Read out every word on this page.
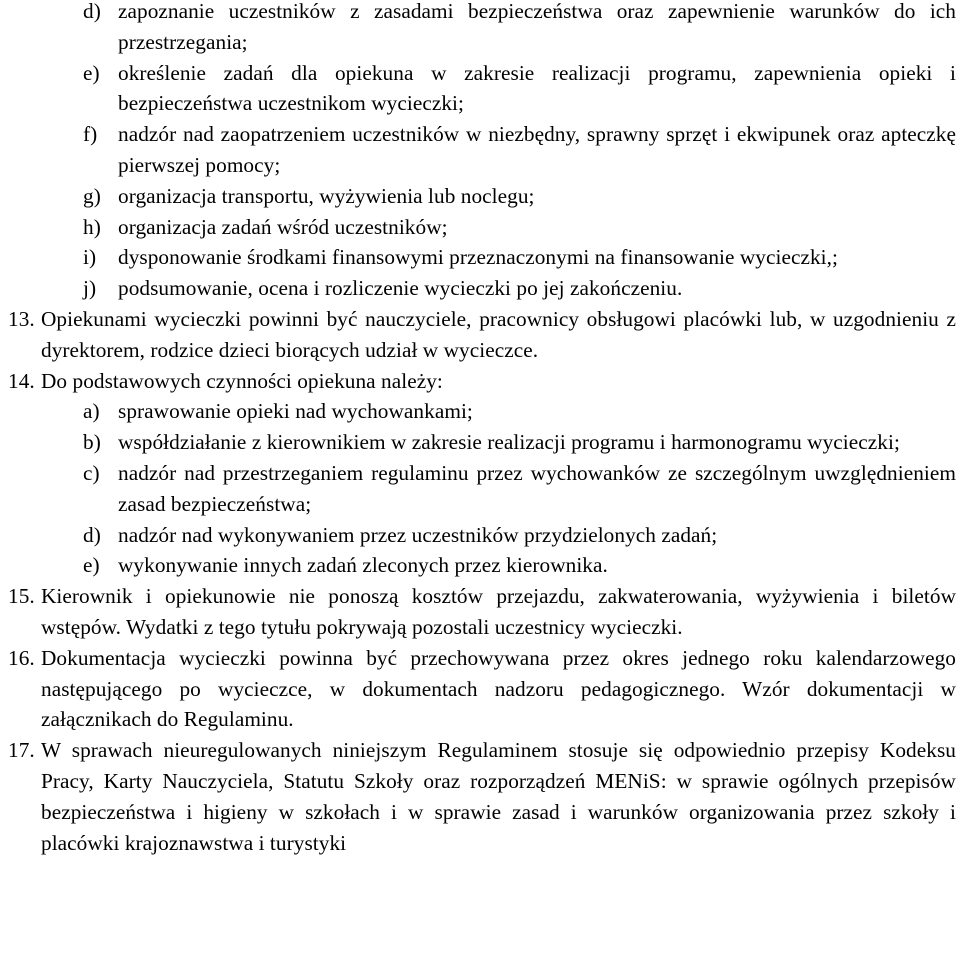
d) zapoznanie uczestników z zasadami bezpieczeństwa oraz zapewnienie warunków do ich przestrzegania;
e) określenie zadań dla opiekuna w zakresie realizacji programu, zapewnienia opieki i bezpieczeństwa uczestnikom wycieczki;
f) nadzór nad zaopatrzeniem uczestników w niezbędny, sprawny sprzęt i ekwipunek oraz apteczkę pierwszej pomocy;
g) organizacja transportu, wyżywienia lub noclegu;
h) organizacja zadań wśród uczestników;
i) dysponowanie środkami finansowymi przeznaczonymi na finansowanie wycieczki,;
j) podsumowanie, ocena i rozliczenie wycieczki po jej zakończeniu.
13. Opiekunami wycieczki powinni być nauczyciele, pracownicy obsługowi placówki lub, w uzgodnieniu z dyrektorem, rodzice dzieci biorących udział w wycieczce.
14. Do podstawowych czynności opiekuna należy:
a) sprawowanie opieki nad wychowankami;
b) współdziałanie z kierownikiem w zakresie realizacji programu i harmonogramu wycieczki;
c) nadzór nad przestrzeganiem regulaminu przez wychowanków ze szczególnym uwzględnieniem zasad bezpieczeństwa;
d) nadzór nad wykonywaniem przez uczestników przydzielonych zadań;
e) wykonywanie innych zadań zleconych przez kierownika.
15. Kierownik i opiekunowie nie ponoszą kosztów przejazdu, zakwaterowania, wyżywienia i biletów wstępów. Wydatki z tego tytułu pokrywają pozostali uczestnicy wycieczki.
16. Dokumentacja wycieczki powinna być przechowywana przez okres jednego roku kalendarzowego następującego po wycieczce, w dokumentach nadzoru pedagogicznego. Wzór dokumentacji w załącznikach do Regulaminu.
17. W sprawach nieuregulowanych niniejszym Regulaminem stosuje się odpowiednio przepisy Kodeksu Pracy, Karty Nauczyciela, Statutu Szkoły oraz rozporządzeń MENiS: w sprawie ogólnych przepisów bezpieczeństwa i higieny w szkołach i w sprawie zasad i warunków organizowania przez szkoły i placówki krajoznawstwa i turystyki
